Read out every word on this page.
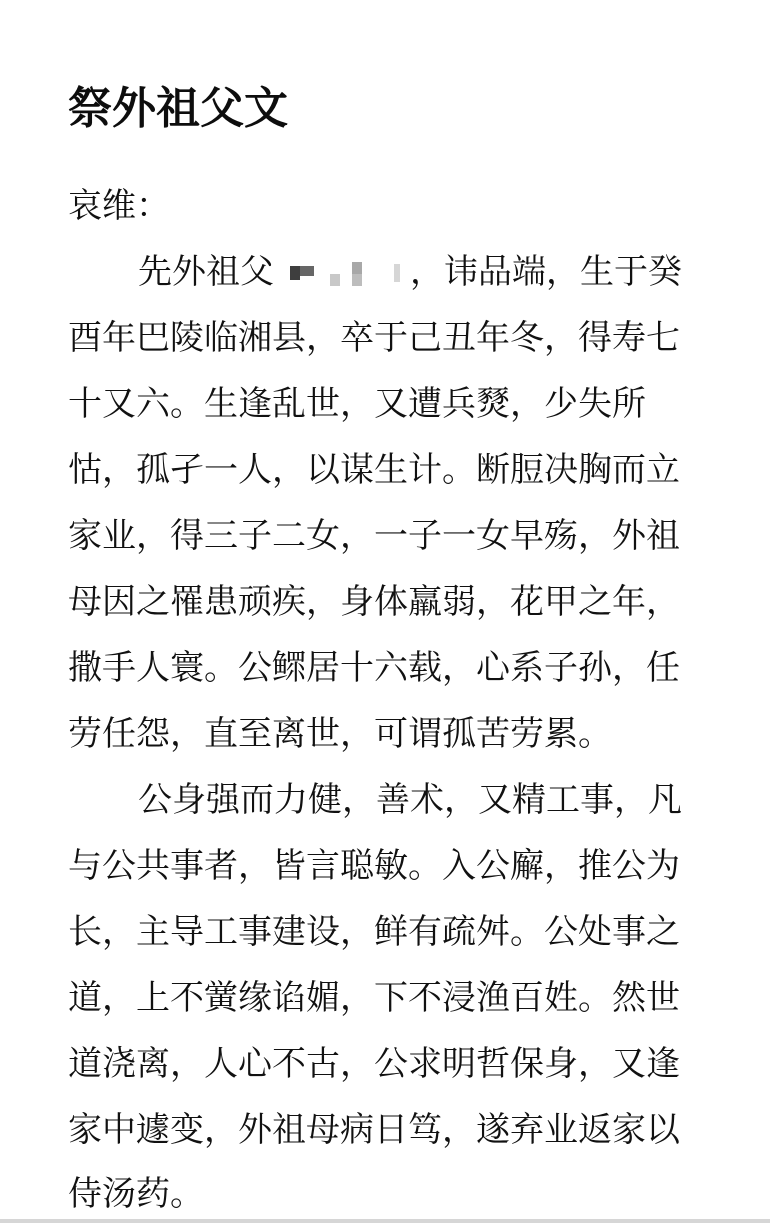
祭外祖父文
哀维：
先外祖父	，讳品端，生于癸
酉年巴陵临湘县，卒于己丑年冬，得寿七
十又六。生逢乱世，又遭兵燹，少失所
怙，孤孑一人，以谋生计。断脰决胸而立
家业，得三子二女，一子一女早殇，外祖
母因之罹患顽疾，身体羸弱，花甲之年，
撒手人寰。公鳏居十六载，心系子孙，任
劳任怨，直至离世，可谓孤苦劳累。
公身强而力健，善术，又精工事，凡
与公共事者，皆言聪敏。入公廨，推公为
长，主导工事建设，鲜有疏舛。公处事之
道，上不黉缘谄媚，下不浸渔百姓。然世
道浇离，人心不古，公求明哲保身，又逢
家中遽变，外祖母病日笃，遂弃业返家以
侍汤药。
